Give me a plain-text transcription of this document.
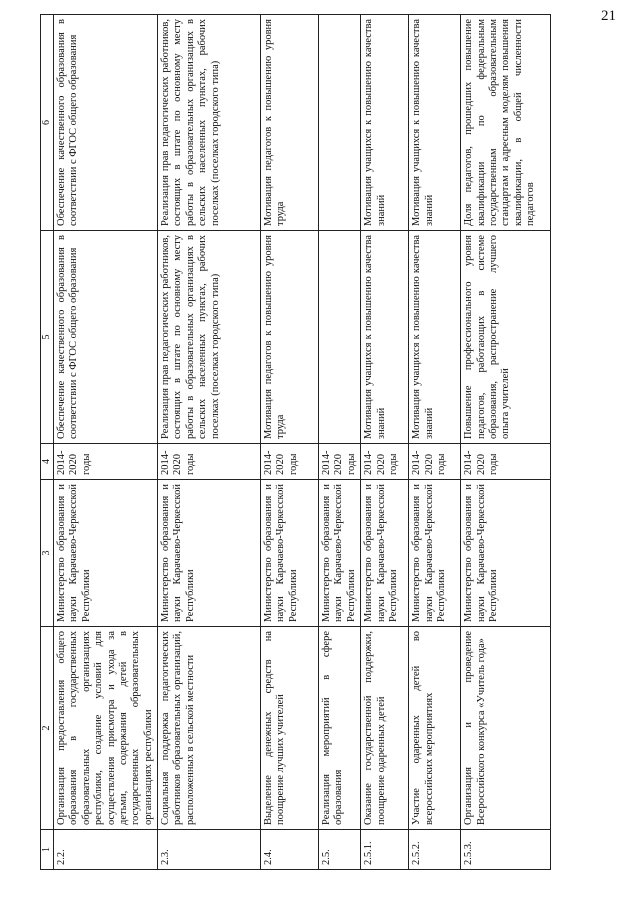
21
1	2	3	4	5	6
2.2.	Организация предоставления общего образования в государственных образовательных организациях республики, создание условий для осуществления присмотра и ухода за детьми, содержания детей в государственных образовательных организациях республики	Министерство образования и науки Карачаево-Черкесской Республики	2014-2020 годы	Обеспечение качественного образования в соответствии с ФГОС общего образования	Обеспечение качественного образования в соответствии с ФГОС общего образования
2.3.	Социальная поддержка педагогических работников образовательных организаций, расположенных в сельской местности	Министерство образования и науки Карачаево-Черкесской Республики	2014-2020 годы	Реализация прав педагогических работников, состоящих в штате по основному месту работы в образовательных организациях в сельских населенных пунктах, рабочих поселках (поселках городского типа)	Реализация прав педагогических работников, состоящих в штате по основному месту работы в образовательных организациях в сельских населенных пунктах, рабочих поселках (поселках городского типа)
2.4.	Выделение денежных средств на поощрение лучших учителей	Министерство образования и науки Карачаево-Черкесской Республики	2014-2020 годы	Мотивация педагогов к повышению уровня труда	Мотивация педагогов к повышению уровня труда
2.5.	Реализация мероприятий в сфере образования	Министерство образования и науки Карачаево-Черкесской Республики	2014-2020 годы		
2.5.1.	Оказание государственной поддержки, поощрение одаренных детей	Министерство образования и науки Карачаево-Черкесской Республики	2014-2020 годы	Мотивация учащихся к повышению качества знаний	Мотивация учащихся к повышению качества знаний
2.5.2.	Участие одаренных детей во всероссийских мероприятиях	Министерство образования и науки Карачаево-Черкесской Республики	2014-2020 годы	Мотивация учащихся к повышению качества знаний	Мотивация учащихся к повышению качества знаний
2.5.3.	Организация и проведение Всероссийского конкурса «Учитель года»	Министерство образования и науки Карачаево-Черкесской Республики	2014-2020 годы	Повышение профессионального уровня педагогов, работающих в системе образования, распространение лучшего опыта учителей	Доля педагогов, прошедших повышение квалификации по федеральным государственным образовательным стандартам и адресным моделям повышения квалификации, в общей численности педагогов
